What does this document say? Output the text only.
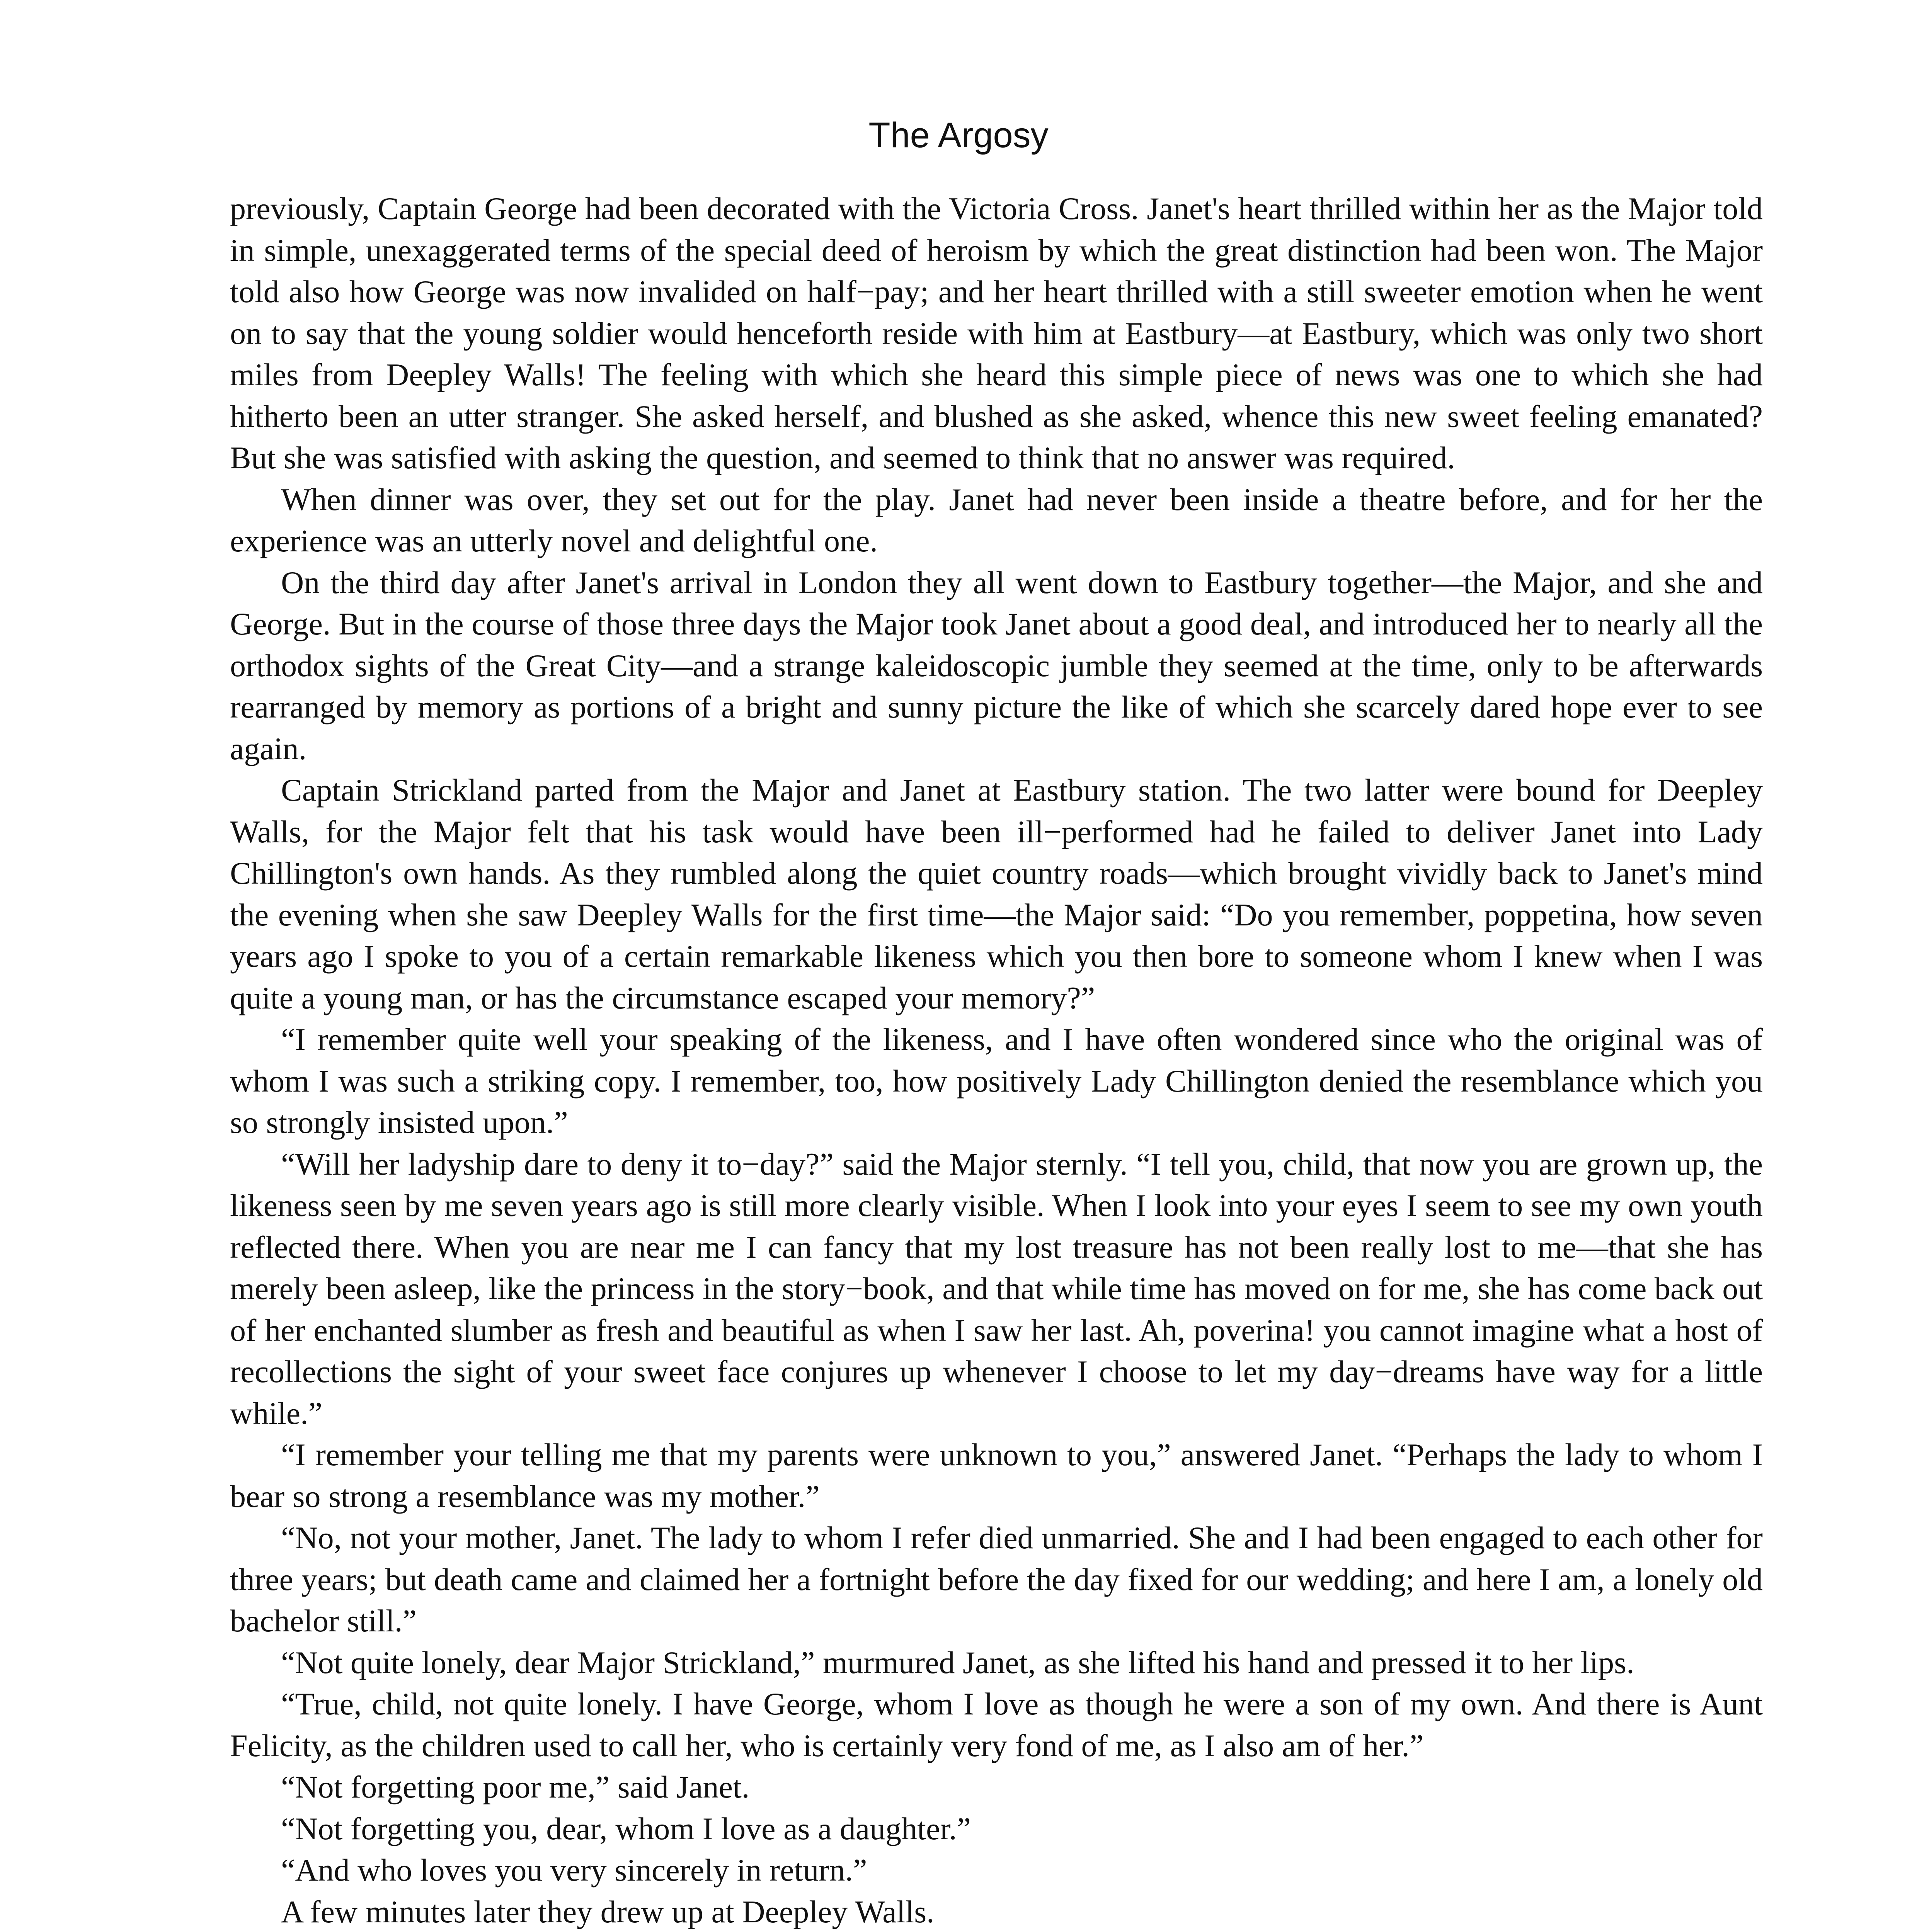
The Argosy

previously, Captain George had been decorated with the Victoria Cross. Janet's heart thrilled within her as the Major told in simple, unexaggerated terms of the special deed of heroism by which the great distinction had been won. The Major told also how George was now invalided on half−pay; and her heart thrilled with a still sweeter emotion when he went on to say that the young soldier would henceforth reside with him at Eastbury—at Eastbury, which was only two short miles from Deepley Walls! The feeling with which she heard this simple piece of news was one to which she had hitherto been an utter stranger. She asked herself, and blushed as she asked, whence this new sweet feeling emanated? But she was satisfied with asking the question, and seemed to think that no answer was required.

When dinner was over, they set out for the play. Janet had never been inside a theatre before, and for her the experience was an utterly novel and delightful one.

On the third day after Janet's arrival in London they all went down to Eastbury together—the Major, and she and George. But in the course of those three days the Major took Janet about a good deal, and introduced her to nearly all the orthodox sights of the Great City—and a strange kaleidoscopic jumble they seemed at the time, only to be afterwards rearranged by memory as portions of a bright and sunny picture the like of which she scarcely dared hope ever to see again.

Captain Strickland parted from the Major and Janet at Eastbury station. The two latter were bound for Deepley Walls, for the Major felt that his task would have been ill−performed had he failed to deliver Janet into Lady Chillington's own hands. As they rumbled along the quiet country roads—which brought vividly back to Janet's mind the evening when she saw Deepley Walls for the first time—the Major said: “Do you remember, poppetina, how seven years ago I spoke to you of a certain remarkable likeness which you then bore to someone whom I knew when I was quite a young man, or has the circumstance escaped your memory?”

“I remember quite well your speaking of the likeness, and I have often wondered since who the original was of whom I was such a striking copy. I remember, too, how positively Lady Chillington denied the resemblance which you so strongly insisted upon.”

“Will her ladyship dare to deny it to−day?” said the Major sternly. “I tell you, child, that now you are grown up, the likeness seen by me seven years ago is still more clearly visible. When I look into your eyes I seem to see my own youth reflected there. When you are near me I can fancy that my lost treasure has not been really lost to me—that she has merely been asleep, like the princess in the story−book, and that while time has moved on for me, she has come back out of her enchanted slumber as fresh and beautiful as when I saw her last. Ah, poverina! you cannot imagine what a host of recollections the sight of your sweet face conjures up whenever I choose to let my day−dreams have way for a little while.”

“I remember your telling me that my parents were unknown to you,” answered Janet. “Perhaps the lady to whom I bear so strong a resemblance was my mother.”

“No, not your mother, Janet. The lady to whom I refer died unmarried. She and I had been engaged to each other for three years; but death came and claimed her a fortnight before the day fixed for our wedding; and here I am, a lonely old bachelor still.”

“Not quite lonely, dear Major Strickland,” murmured Janet, as she lifted his hand and pressed it to her lips.

“True, child, not quite lonely. I have George, whom I love as though he were a son of my own. And there is Aunt Felicity, as the children used to call her, who is certainly very fond of me, as I also am of her.”

“Not forgetting poor me,” said Janet.

“Not forgetting you, dear, whom I love as a daughter.”

“And who loves you very sincerely in return.”

A few minutes later they drew up at Deepley Walls.
